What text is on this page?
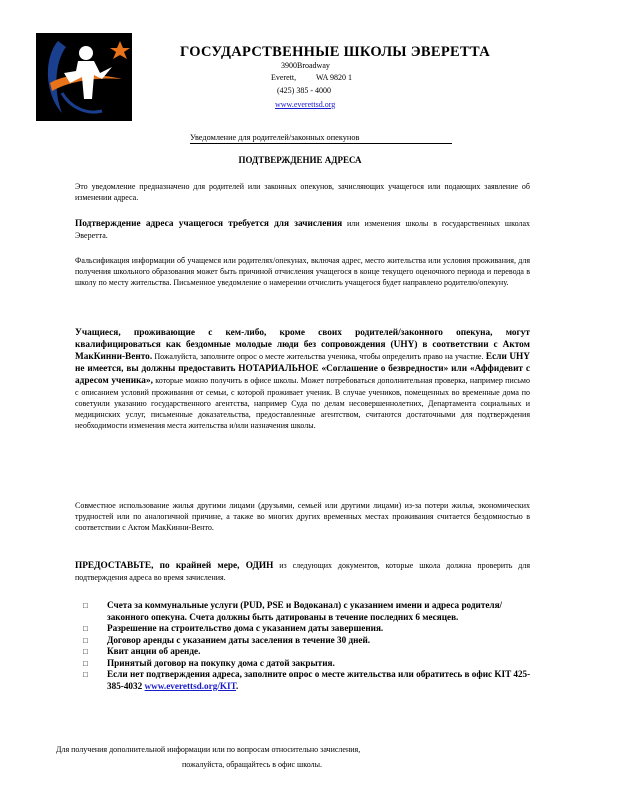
ГОСУДАРСТВЕННЫЕ ШКОЛЫ ЭВЕРЕТТА
3900Broadway
Everett, WA 9820 1
(425) 385 - 4000
www.everettsd.org
Уведомление для родителей/законных опекунов
ПОДТВЕРЖДЕНИЕ АДРЕСА
Это уведомление предназначено для родителей или законных опекунов, зачисляющих учащегося или подающих заявление об изменении адреса.
Подтверждение адреса учащегося требуется для зачисления или изменения школы в государственных школах Эверетта.
Фальсификация информации об учащемся или родителях/опекунах, включая адрес, место жительства или условия проживания, для получения школьного образования может быть причиной отчисления учащегося в конце текущего оценочного периода и перевода в школу по месту жительства. Письменное уведомление о намерении отчислить учащегося будет направлено родителю/опекуну.
Учащиеся, проживающие с кем-либо, кроме своих родителей/законного опекуна, могут квалифицироваться как бездомные молодые люди без сопровождения (UHY) в соответствии с Актом МакКинни-Венто. Пожалуйста, заполните опрос о месте жительства ученика, чтобы определить право на участие. Если UHY не имеется, вы должны предоставить НОТАРИАЛЬНОЕ «Соглашение о безвредности» или «Аффидевит с адресом ученика», которые можно получить в офисе школы. Может потребоваться дополнительная проверка, например письмо с описанием условий проживания от семьи, с которой проживает ученик. В случае учеников, помещенных во временные дома по советуили указанию государственного агентства, например Суда по делам несовершеннолетних, Департамента социальных и медицинских услуг, письменные доказательства, предоставленные агентством, считаются достаточными для подтверждения необходимости изменения места жительства и/или назначения школы.
Совместное использование жилья другими лицами (друзьями, семьей или другими лицами) из-за потери жилья, экономических трудностей или по аналогичной причине, а также во многих других временных местах проживания считается бездомностью в соответствии с Актом МакКинни-Венто.
ПРЕДОСТАВЬТЕ, по крайней мере, ОДИН из следующих документов, которые школа должна проверить для подтверждения адреса во время зачисления.
□ Счета за коммунальные услуги (PUD, PSE и Водоканал) с указанием имени и адреса родителя/законного опекуна. Счета должны быть датированы в течение последних 6 месяцев.
□ Разрешение на строительство дома с указанием даты завершения.
□ Договор аренды с указанием даты заселения в течение 30 дней.
□ Квит анции об аренде.
□ Принятый договор на покупку дома с датой закрытия.
□ Если нет подтверждения адреса, заполните опрос о месте жительства или обратитесь в офис KIT 425-385-4032 www.everettsd.org/KIT.
Для получения дополнительной информации или по вопросам относительно зачисления,
пожалуйста, обращайтесь в офис школы.
